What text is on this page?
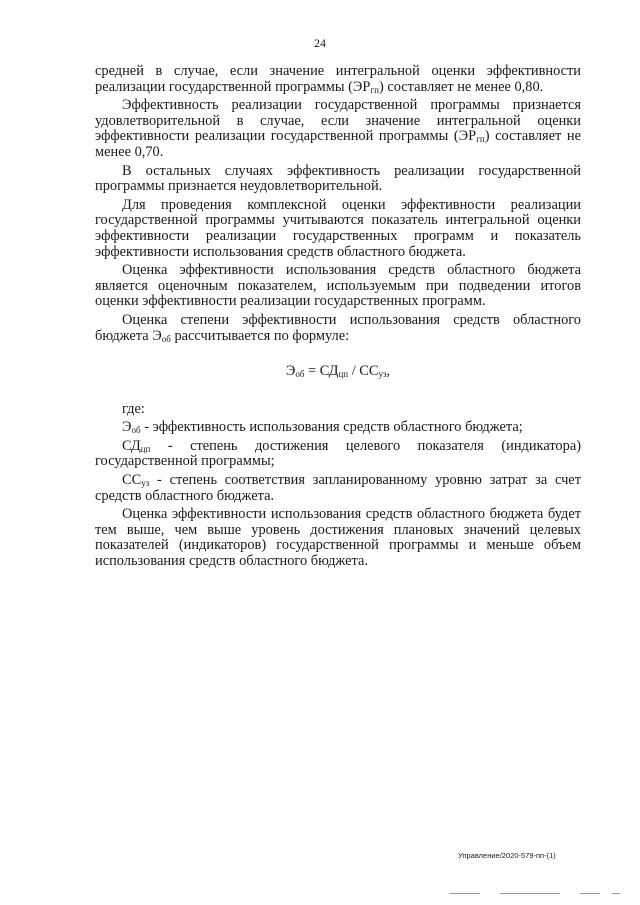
24

средней в случае, если значение интегральной оценки эффективности реализации государственной программы $(ЭР_{гп})$ составляет не менее 0,80.

Эффективность реализации государственной программы признается удовлетворительной в случае, если значение интегральной оценки эффективности реализации государственной программы $(ЭР_{гп})$ составляет не менее 0,70.

В остальных случаях эффективность реализации государственной программы признается неудовлетворительной.

Для проведения комплексной оценки эффективности реализации государственной программы учитываются показатель интегральной оценки эффективности реализации государственных программ и показатель эффективности использования средств областного бюджета.

Оценка эффективности использования средств областного бюджета является оценочным показателем, используемым при подведении итогов оценки эффективности реализации государственных программ.

Оценка степени эффективности использования средств областного бюджета $Э_{об}$ рассчитывается по формуле:

$Э_{об} = СД_{цп} / СС_{уз}$,

где:

$Э_{об}$ - эффективность использования средств областного бюджета;

$СД_{цп}$ - степень достижения целевого показателя (индикатора) государственной программы;

$СС_{уз}$ - степень соответствия запланированному уровню затрат за счет средств областного бюджета.

Оценка эффективности использования средств областного бюджета будет тем выше, чем выше уровень достижения плановых значений целевых показателей (индикаторов) государственной программы и меньше объем использования средств областного бюджета.

Управление/2020-579-пп-(1)
